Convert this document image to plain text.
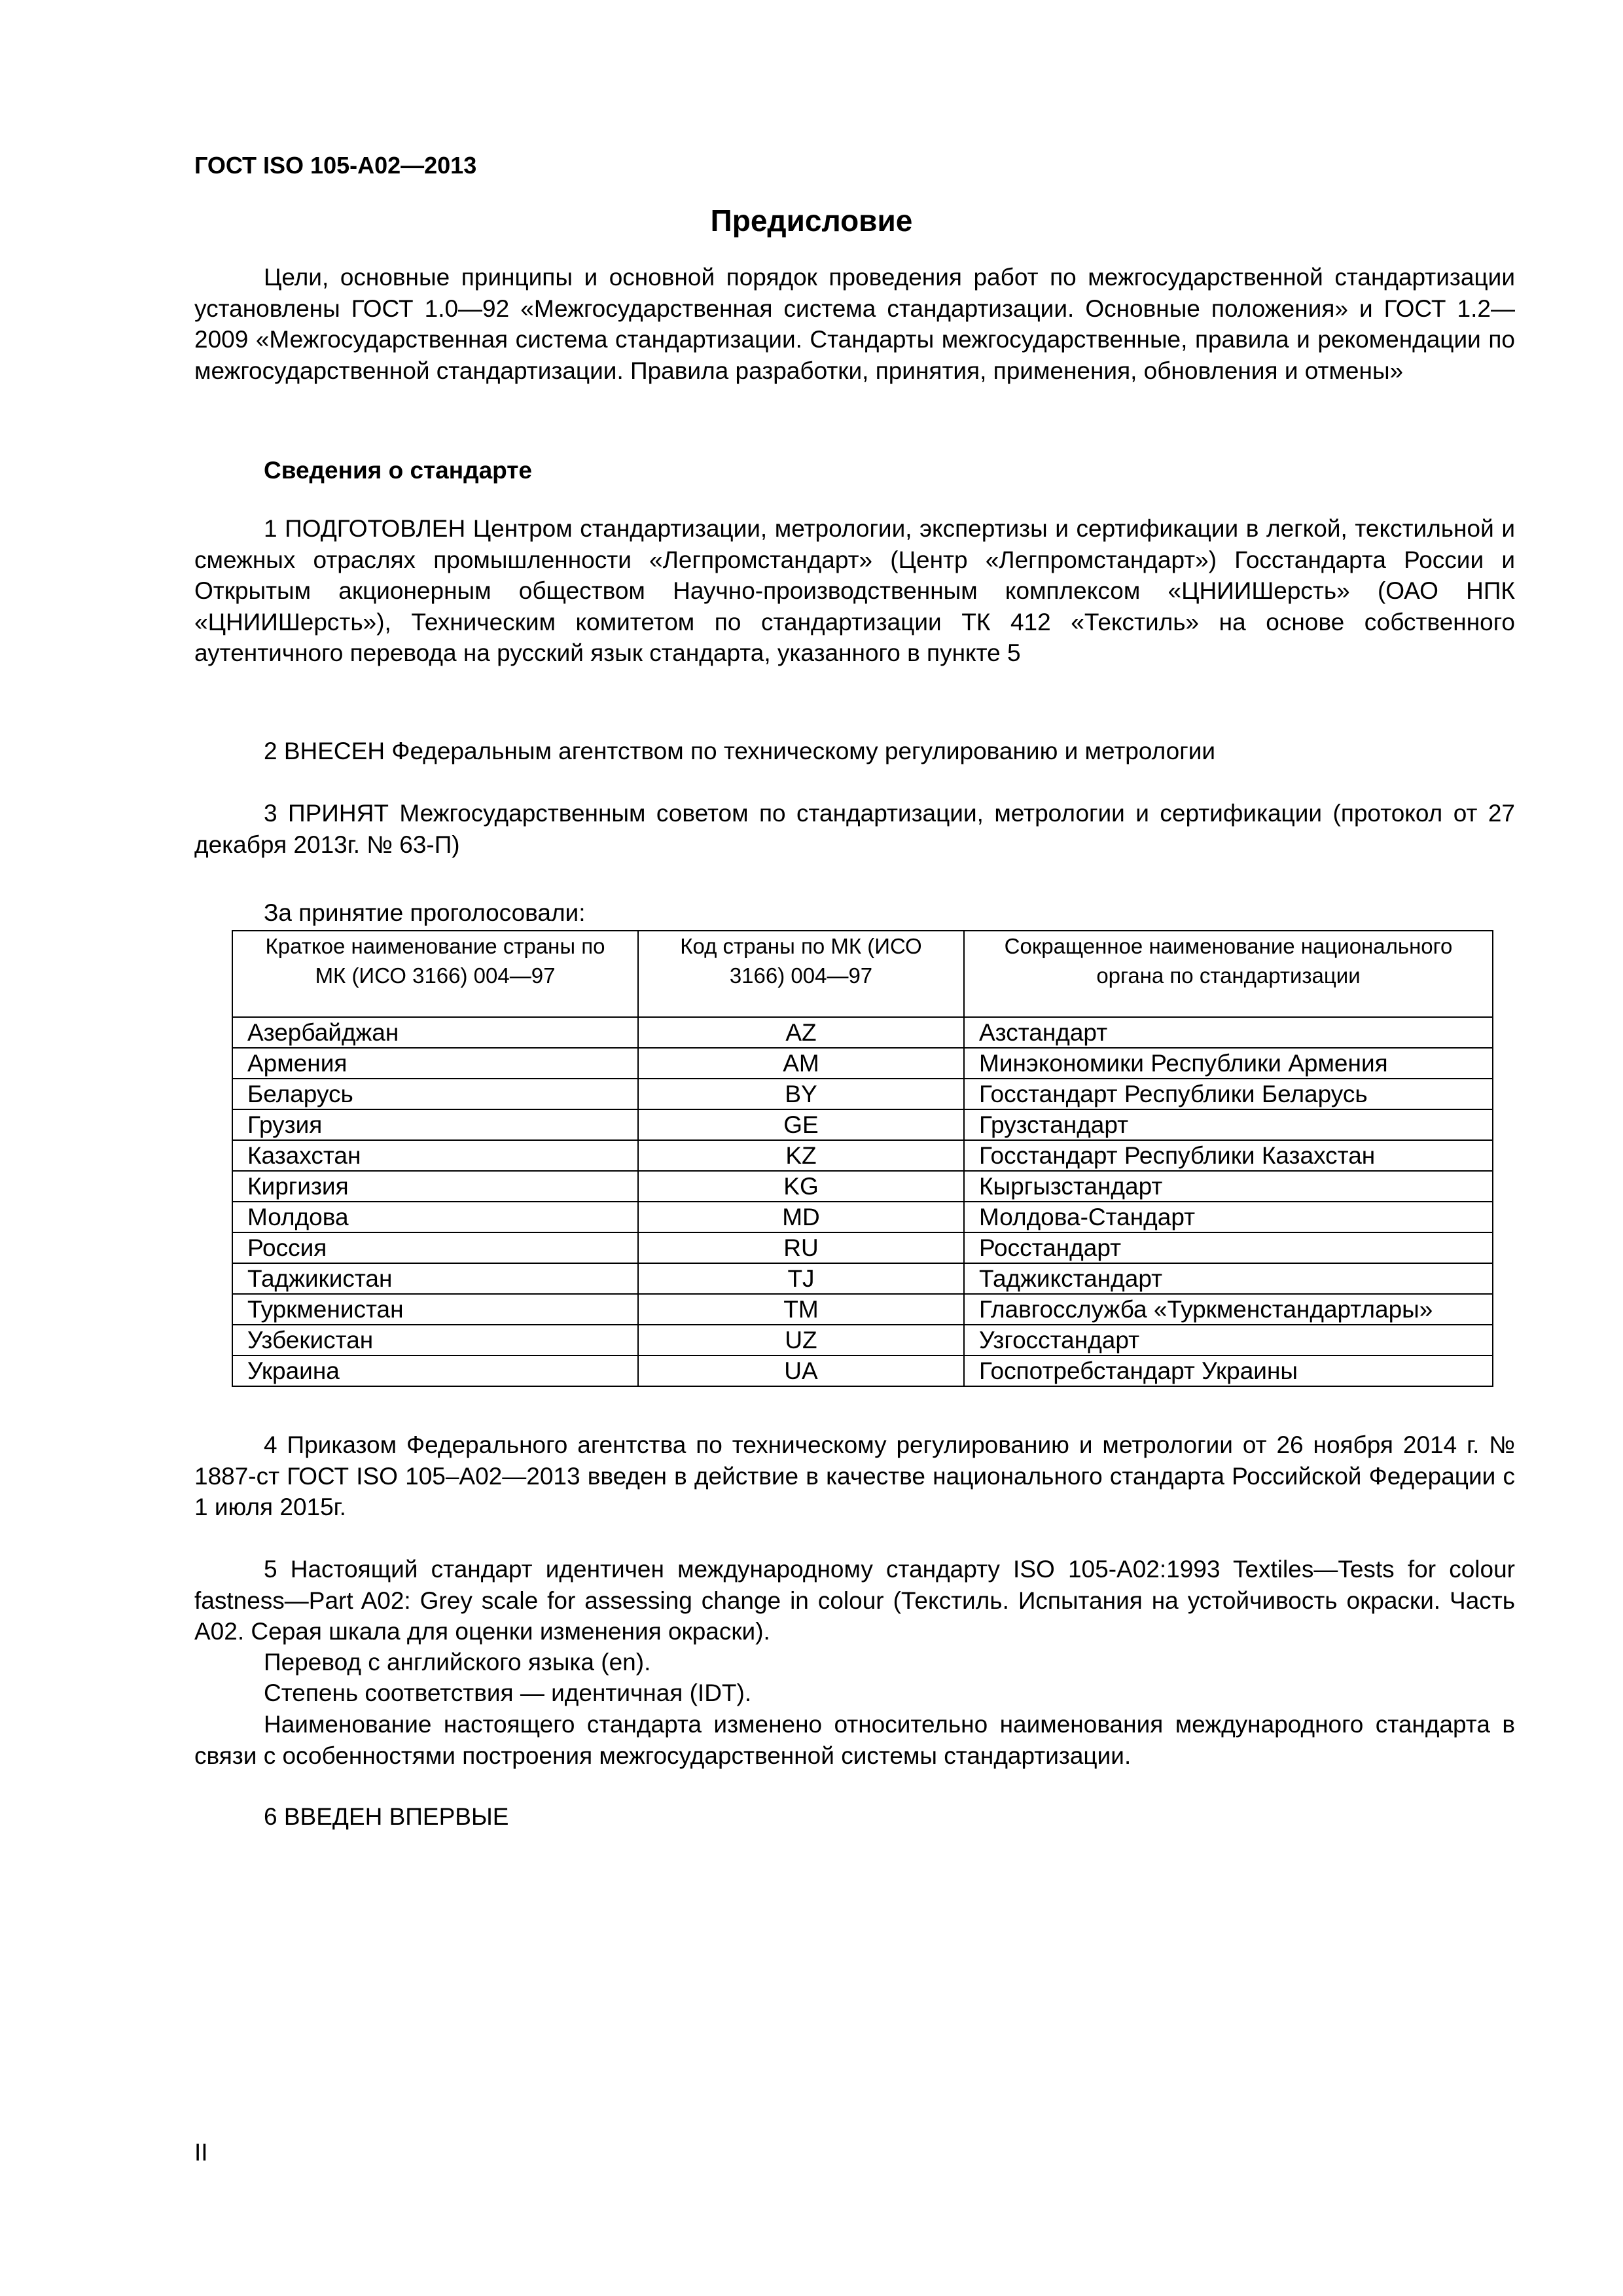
ГОСТ ISO 105-A02—2013
Предисловие

Цели, основные принципы и основной порядок проведения работ по межгосударственной стандартизации установлены ГОСТ 1.0—92 «Межгосударственная система стандартизации. Основные положения» и ГОСТ 1.2—2009 «Межгосударственная система стандартизации. Стандарты межгосударственные, правила и рекомендации по межгосударственной стандартизации. Правила разработки, принятия, применения, обновления и отмены»

Сведения о стандарте

1 ПОДГОТОВЛЕН Центром стандартизации, метрологии, экспертизы и сертификации в легкой, текстильной и смежных отраслях промышленности «Легпромстандарт» (Центр «Легпромстандарт») Госстандарта России и Открытым акционерным обществом Научно-производственным комплексом «ЦНИИШерсть» (ОАО НПК «ЦНИИШерсть»), Техническим комитетом по стандартизации ТК 412 «Текстиль» на основе собственного аутентичного перевода на русский язык стандарта, указанного в пункте 5

2 ВНЕСЕН Федеральным агентством по техническому регулированию и метрологии

3 ПРИНЯТ Межгосударственным советом по стандартизации, метрологии и сертификации (протокол от 27 декабря 2013г. № 63-П)

За принятие проголосовали:
Краткое наименование страны по МК (ИСО 3166) 004—97	Код страны по МК (ИСО 3166) 004—97	Сокращенное наименование национального органа по стандартизации
Азербайджан	AZ	Азстандарт
Армения	AM	Минэкономики Республики Армения
Беларусь	BY	Госстандарт Республики Беларусь
Грузия	GE	Грузстандарт
Казахстан	KZ	Госстандарт Республики Казахстан
Киргизия	KG	Кыргызстандарт
Молдова	MD	Молдова-Стандарт
Россия	RU	Росстандарт
Таджикистан	TJ	Таджикстандарт
Туркменистан	TM	Главгосслужба «Туркменстандартлары»
Узбекистан	UZ	Узгосстандарт
Украина	UA	Госпотребстандарт Украины

4 Приказом Федерального агентства по техническому регулированию и метрологии от 26 ноября 2014 г. № 1887-ст ГОСТ ISO 105–A02—2013 введен в действие в качестве национального стандарта Российской Федерации с 1 июля 2015г.

5 Настоящий стандарт идентичен международному стандарту ISO 105-A02:1993 Textiles—Tests for colour fastness—Part A02: Grey scale for assessing change in colour (Текстиль. Испытания на устойчивость окраски. Часть А02. Серая шкала для оценки изменения окраски).

Перевод с английского языка (en).
Степень соответствия — идентичная (IDT).

Наименование настоящего стандарта изменено относительно наименования международного стандарта в связи с особенностями построения межгосударственной системы стандартизации.

6 ВВЕДЕН ВПЕРВЫЕ
II
